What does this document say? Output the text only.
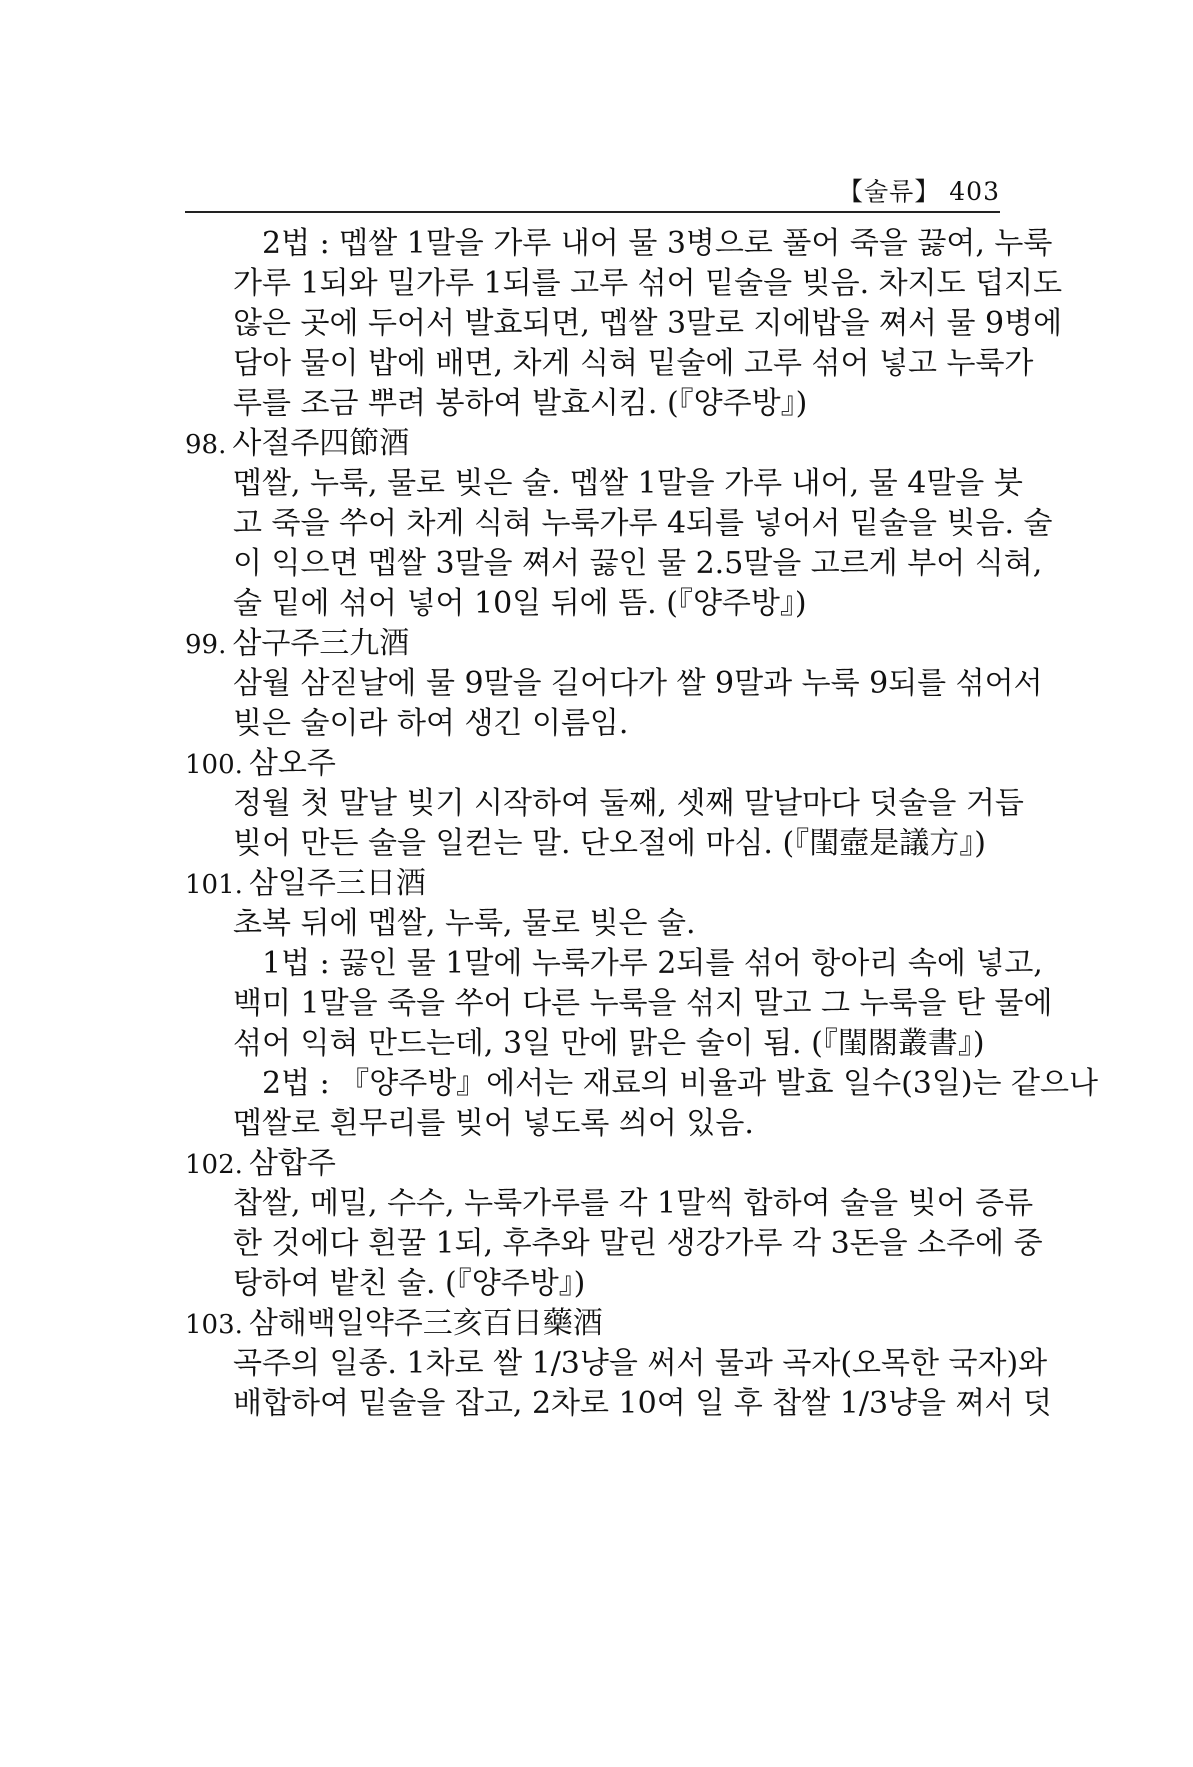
【술류】 403
2법 : 멥쌀 1말을 가루 내어 물 3병으로 풀어 죽을 끓여, 누룩
가루 1되와 밀가루 1되를 고루 섞어 밑술을 빚음. 차지도 덥지도
않은 곳에 두어서 발효되면, 멥쌀 3말로 지에밥을 쪄서 물 9병에
담아 물이 밥에 배면, 차게 식혀 밑술에 고루 섞어 넣고 누룩가
루를 조금 뿌려 봉하여 발효시킴. (『양주방』)
98. 사절주四節酒
멥쌀, 누룩, 물로 빚은 술. 멥쌀 1말을 가루 내어, 물 4말을 붓
고 죽을 쑤어 차게 식혀 누룩가루 4되를 넣어서 밑술을 빚음. 술
이 익으면 멥쌀 3말을 쪄서 끓인 물 2.5말을 고르게 부어 식혀,
술 밑에 섞어 넣어 10일 뒤에 뜸. (『양주방』)
99. 삼구주三九酒
삼월 삼짇날에 물 9말을 길어다가 쌀 9말과 누룩 9되를 섞어서
빚은 술이라 하여 생긴 이름임.
100. 삼오주
정월 첫 말날 빚기 시작하여 둘째, 셋째 말날마다 덧술을 거듭
빚어 만든 술을 일컫는 말. 단오절에 마심. (『閨壼是議方』)
101. 삼일주三日酒
초복 뒤에 멥쌀, 누룩, 물로 빚은 술.
1법 : 끓인 물 1말에 누룩가루 2되를 섞어 항아리 속에 넣고,
백미 1말을 죽을 쑤어 다른 누룩을 섞지 말고 그 누룩을 탄 물에
섞어 익혀 만드는데, 3일 만에 맑은 술이 됨. (『閨閤叢書』)
2법 : 『양주방』에서는 재료의 비율과 발효 일수(3일)는 같으나
멥쌀로 흰무리를 빚어 넣도록 씌어 있음.
102. 삼합주
찹쌀, 메밀, 수수, 누룩가루를 각 1말씩 합하여 술을 빚어 증류
한 것에다 흰꿀 1되, 후추와 말린 생강가루 각 3돈을 소주에 중
탕하여 밭친 술. (『양주방』)
103. 삼해백일약주三亥百日藥酒
곡주의 일종. 1차로 쌀 1/3냥을 써서 물과 곡자(오목한 국자)와
배합하여 밑술을 잡고, 2차로 10여 일 후 찹쌀 1/3냥을 쪄서 덧
